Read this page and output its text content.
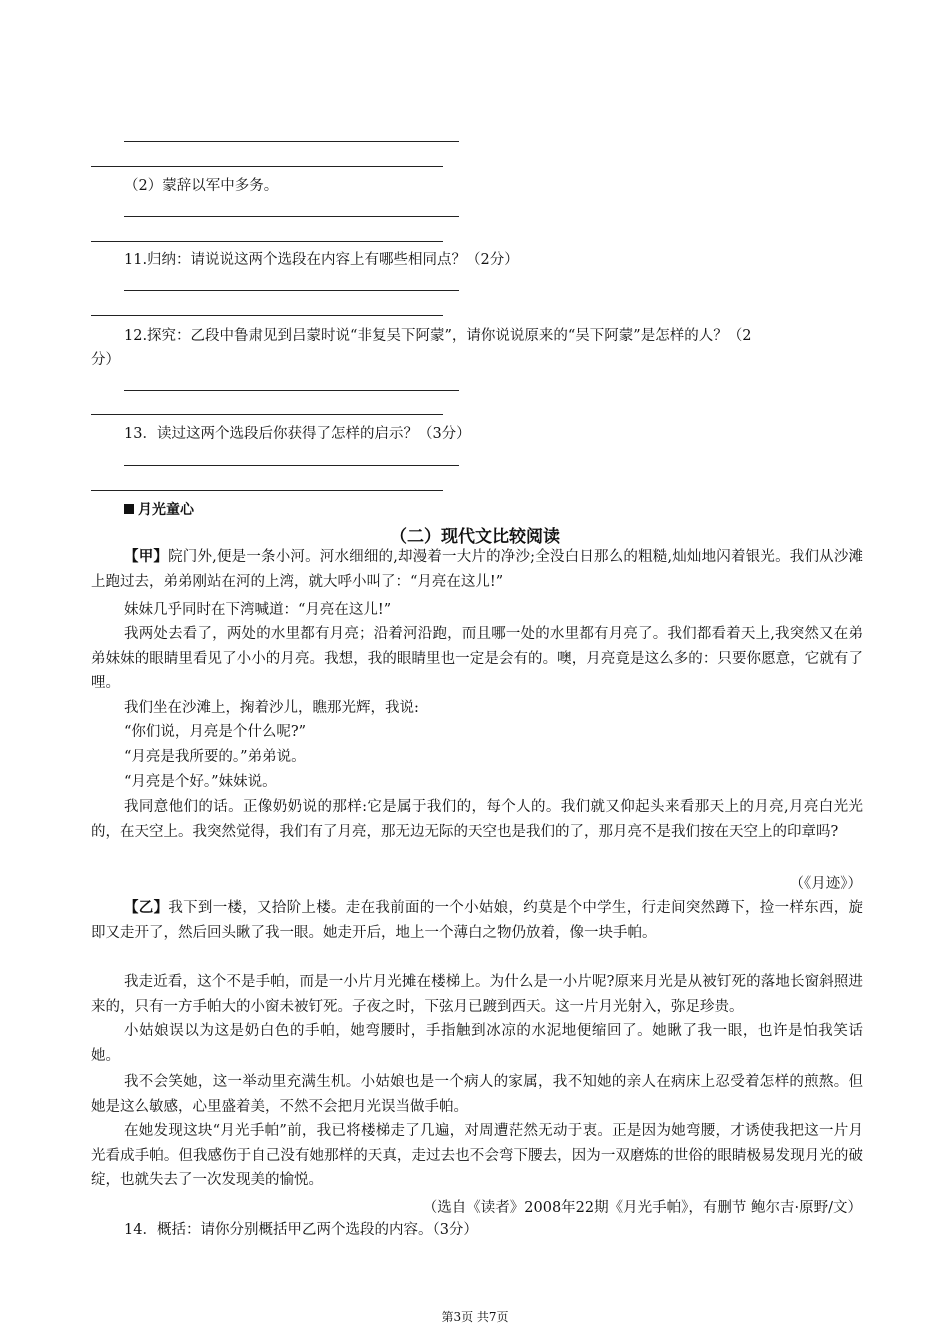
（2）蒙辞以军中多务。
11.归纳：请说说这两个选段在内容上有哪些相同点？（2分）
12.探究：乙段中鲁肃见到吕蒙时说“非复吴下阿蒙”，请你说说原来的“吴下阿蒙”是怎样的人？（2
分）
13．读过这两个选段后你获得了怎样的启示？（3分）
月光童心
（二）现代文比较阅读
【甲】院门外,便是一条小河。河水细细的,却漫着一大片的净沙;全没白日那么的粗糙,灿灿地闪着银光。我们从沙滩上跑过去，弟弟刚站在河的上湾，就大呼小叫了：“月亮在这儿!”
妹妹几乎同时在下湾喊道：“月亮在这儿!”
我两处去看了，两处的水里都有月亮；沿着河沿跑，而且哪一处的水里都有月亮了。我们都看着天上,我突然又在弟弟妹妹的眼睛里看见了小小的月亮。我想，我的眼睛里也一定是会有的。噢，月亮竟是这么多的：只要你愿意，它就有了哩。
我们坐在沙滩上，掬着沙儿，瞧那光辉，我说:
“你们说，月亮是个什么呢?”
“月亮是我所要的。”弟弟说。
“月亮是个好。”妹妹说。
我同意他们的话。正像奶奶说的那样:它是属于我们的，每个人的。我们就又仰起头来看那天上的月亮,月亮白光光的，在天空上。我突然觉得，我们有了月亮，那无边无际的天空也是我们的了，那月亮不是我们按在天空上的印章吗?
（《月迹》）
【乙】我下到一楼，又拾阶上楼。走在我前面的一个小姑娘，约莫是个中学生，行走间突然蹲下，捡一样东西，旋即又走开了，然后回头瞅了我一眼。她走开后，地上一个薄白之物仍放着，像一块手帕。
我走近看，这个不是手帕，而是一小片月光摊在楼梯上。为什么是一小片呢?原来月光是从被钉死的落地长窗斜照进来的，只有一方手帕大的小窗未被钉死。子夜之时，下弦月已踱到西天。这一片月光射入，弥足珍贵。
小姑娘误以为这是奶白色的手帕，她弯腰时，手指触到冰凉的水泥地便缩回了。她瞅了我一眼，也许是怕我笑话她。
我不会笑她，这一举动里充满生机。小姑娘也是一个病人的家属，我不知她的亲人在病床上忍受着怎样的煎熬。但她是这么敏感，心里盛着美，不然不会把月光误当做手帕。
在她发现这块“月光手帕”前，我已将楼梯走了几遍，对周遭茫然无动于衷。正是因为她弯腰，才诱使我把这一片月光看成手帕。但我感伤于自己没有她那样的天真，走过去也不会弯下腰去，因为一双磨炼的世俗的眼睛极易发现月光的破绽，也就失去了一次发现美的愉悦。
（选自《读者》2008年22期《月光手帕》，有删节 鲍尔吉·原野/文）
14．概括：请你分别概括甲乙两个选段的内容。（3分）
第3页 共7页
